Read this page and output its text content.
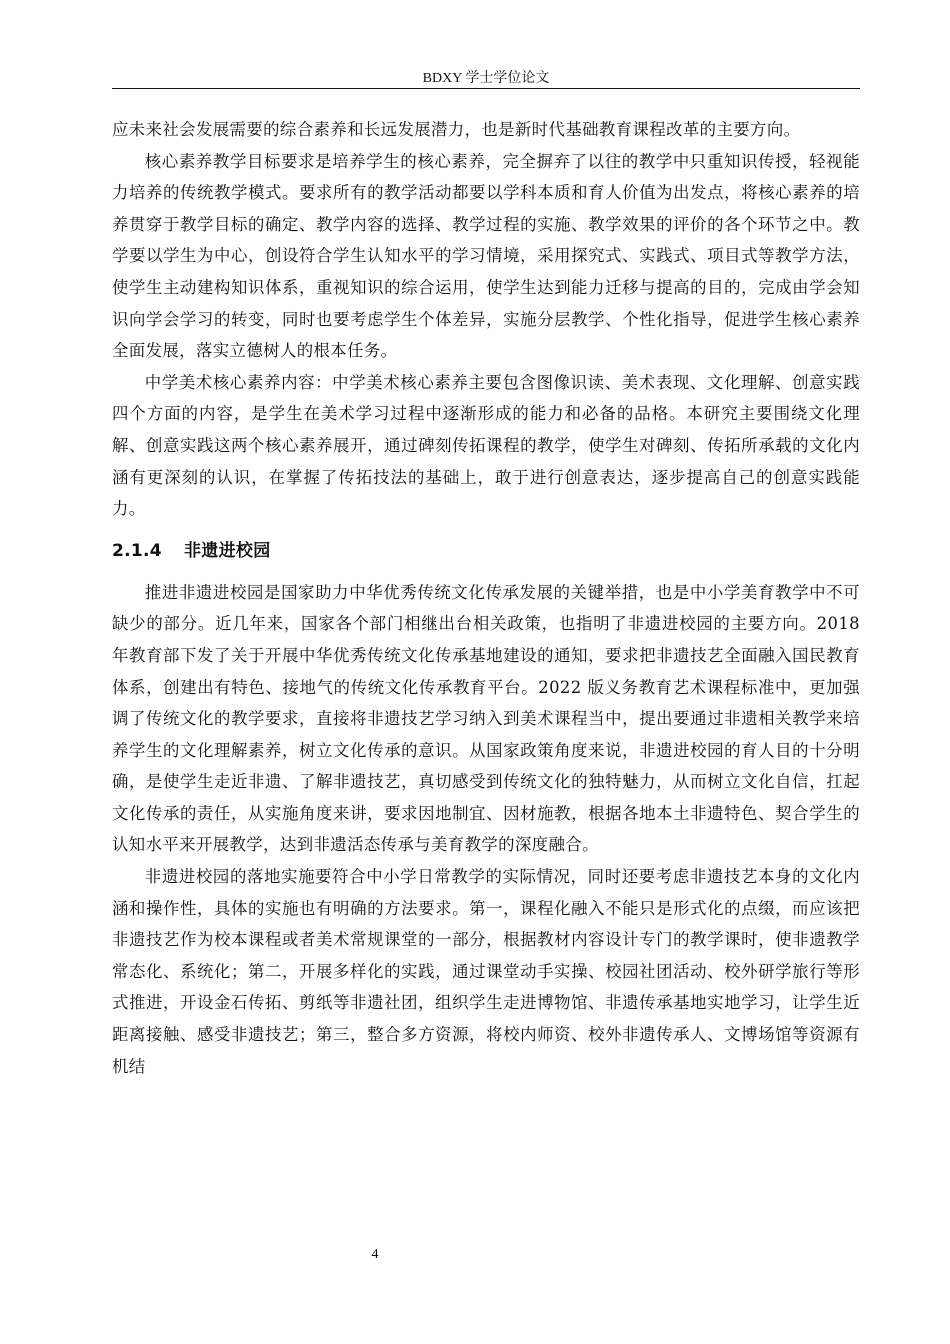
BDXY 学士学位论文

应未来社会发展需要的综合素养和长远发展潜力，也是新时代基础教育课程改革的主要方向。

核心素养教学目标要求是培养学生的核心素养，完全摒弃了以往的教学中只重知识传授，轻视能力培养的传统教学模式。要求所有的教学活动都要以学科本质和育人价值为出发点，将核心素养的培养贯穿于教学目标的确定、教学内容的选择、教学过程的实施、教学效果的评价的各个环节之中。教学要以学生为中心，创设符合学生认知水平的学习情境，采用探究式、实践式、项目式等教学方法，使学生主动建构知识体系，重视知识的综合运用，使学生达到能力迁移与提高的目的，完成由学会知识向学会学习的转变，同时也要考虑学生个体差异，实施分层教学、个性化指导，促进学生核心素养全面发展，落实立德树人的根本任务。

中学美术核心素养内容：中学美术核心素养主要包含图像识读、美术表现、文化理解、创意实践四个方面的内容，是学生在美术学习过程中逐渐形成的能力和必备的品格。本研究主要围绕文化理解、创意实践这两个核心素养展开，通过碑刻传拓课程的教学，使学生对碑刻、传拓所承载的文化内涵有更深刻的认识，在掌握了传拓技法的基础上，敢于进行创意表达，逐步提高自己的创意实践能力。

2.1.4 非遗进校园

推进非遗进校园是国家助力中华优秀传统文化传承发展的关键举措，也是中小学美育教学中不可缺少的部分。近几年来，国家各个部门相继出台相关政策，也指明了非遗进校园的主要方向。2018 年教育部下发了关于开展中华优秀传统文化传承基地建设的通知，要求把非遗技艺全面融入国民教育体系，创建出有特色、接地气的传统文化传承教育平台。2022 版义务教育艺术课程标准中，更加强调了传统文化的教学要求，直接将非遗技艺学习纳入到美术课程当中，提出要通过非遗相关教学来培养学生的文化理解素养，树立文化传承的意识。从国家政策角度来说，非遗进校园的育人目的十分明确，是使学生走近非遗、了解非遗技艺，真切感受到传统文化的独特魅力，从而树立文化自信，扛起文化传承的责任，从实施角度来讲，要求因地制宜、因材施教，根据各地本土非遗特色、契合学生的认知水平来开展教学，达到非遗活态传承与美育教学的深度融合。

非遗进校园的落地实施要符合中小学日常教学的实际情况，同时还要考虑非遗技艺本身的文化内涵和操作性，具体的实施也有明确的方法要求。第一，课程化融入不能只是形式化的点缀，而应该把非遗技艺作为校本课程或者美术常规课堂的一部分，根据教材内容设计专门的教学课时，使非遗教学常态化、系统化；第二，开展多样化的实践，通过课堂动手实操、校园社团活动、校外研学旅行等形式推进，开设金石传拓、剪纸等非遗社团，组织学生走进博物馆、非遗传承基地实地学习，让学生近距离接触、感受非遗技艺；第三，整合多方资源，将校内师资、校外非遗传承人、文博场馆等资源有机结

4
